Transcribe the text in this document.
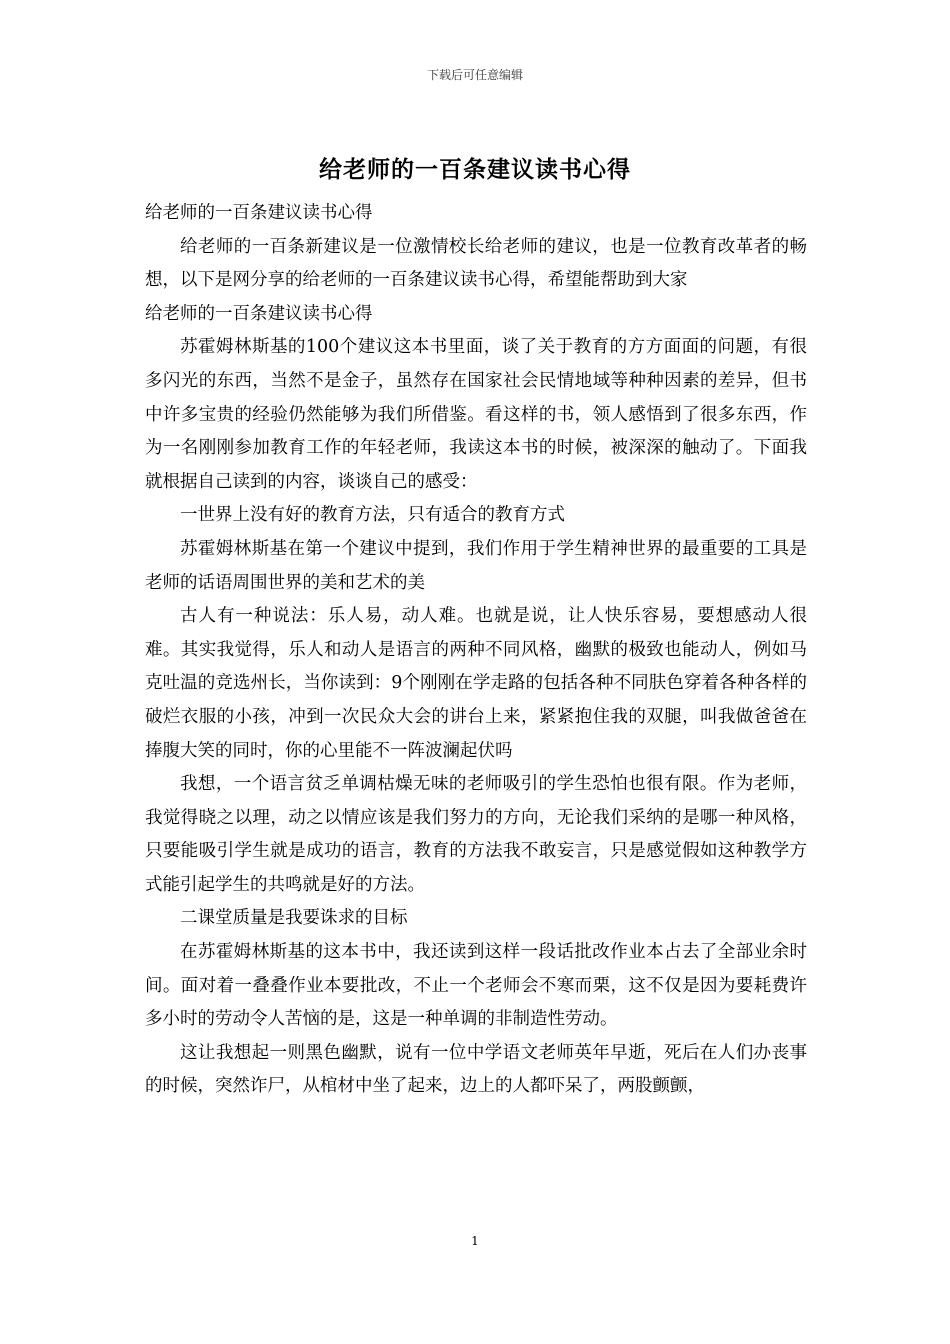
下载后可任意编辑
给老师的一百条建议读书心得

给老师的一百条建议读书心得

给老师的一百条新建议是一位激情校长给老师的建议，也是一位教育改革者的畅想，以下是网分享的给老师的一百条建议读书心得，希望能帮助到大家

给老师的一百条建议读书心得

苏霍姆林斯基的100个建议这本书里面，谈了关于教育的方方面面的问题，有很多闪光的东西，当然不是金子，虽然存在国家社会民情地域等种种因素的差异，但书中许多宝贵的经验仍然能够为我们所借鉴。看这样的书，领人感悟到了很多东西，作为一名刚刚参加教育工作的年轻老师，我读这本书的时候，被深深的触动了。下面我就根据自己读到的内容，谈谈自己的感受：

一世界上没有好的教育方法，只有适合的教育方式

苏霍姆林斯基在第一个建议中提到，我们作用于学生精神世界的最重要的工具是老师的话语周围世界的美和艺术的美

古人有一种说法：乐人易，动人难。也就是说，让人快乐容易，要想感动人很难。其实我觉得，乐人和动人是语言的两种不同风格，幽默的极致也能动人，例如马克吐温的竞选州长，当你读到：9个刚刚在学走路的包括各种不同肤色穿着各种各样的破烂衣服的小孩，冲到一次民众大会的讲台上来，紧紧抱住我的双腿，叫我做爸爸在捧腹大笑的同时，你的心里能不一阵波澜起伏吗

我想，一个语言贫乏单调枯燥无味的老师吸引的学生恐怕也很有限。作为老师，我觉得晓之以理，动之以情应该是我们努力的方向，无论我们采纳的是哪一种风格，只要能吸引学生就是成功的语言，教育的方法我不敢妄言，只是感觉假如这种教学方式能引起学生的共鸣就是好的方法。

二课堂质量是我要诛求的目标

在苏霍姆林斯基的这本书中，我还读到这样一段话批改作业本占去了全部业余时间。面对着一叠叠作业本要批改，不止一个老师会不寒而栗，这不仅是因为要耗费许多小时的劳动令人苦恼的是，这是一种单调的非制造性劳动。

这让我想起一则黑色幽默，说有一位中学语文老师英年早逝，死后在人们办丧事的时候，突然诈尸，从棺材中坐了起来，边上的人都吓呆了，两股颤颤，

1
